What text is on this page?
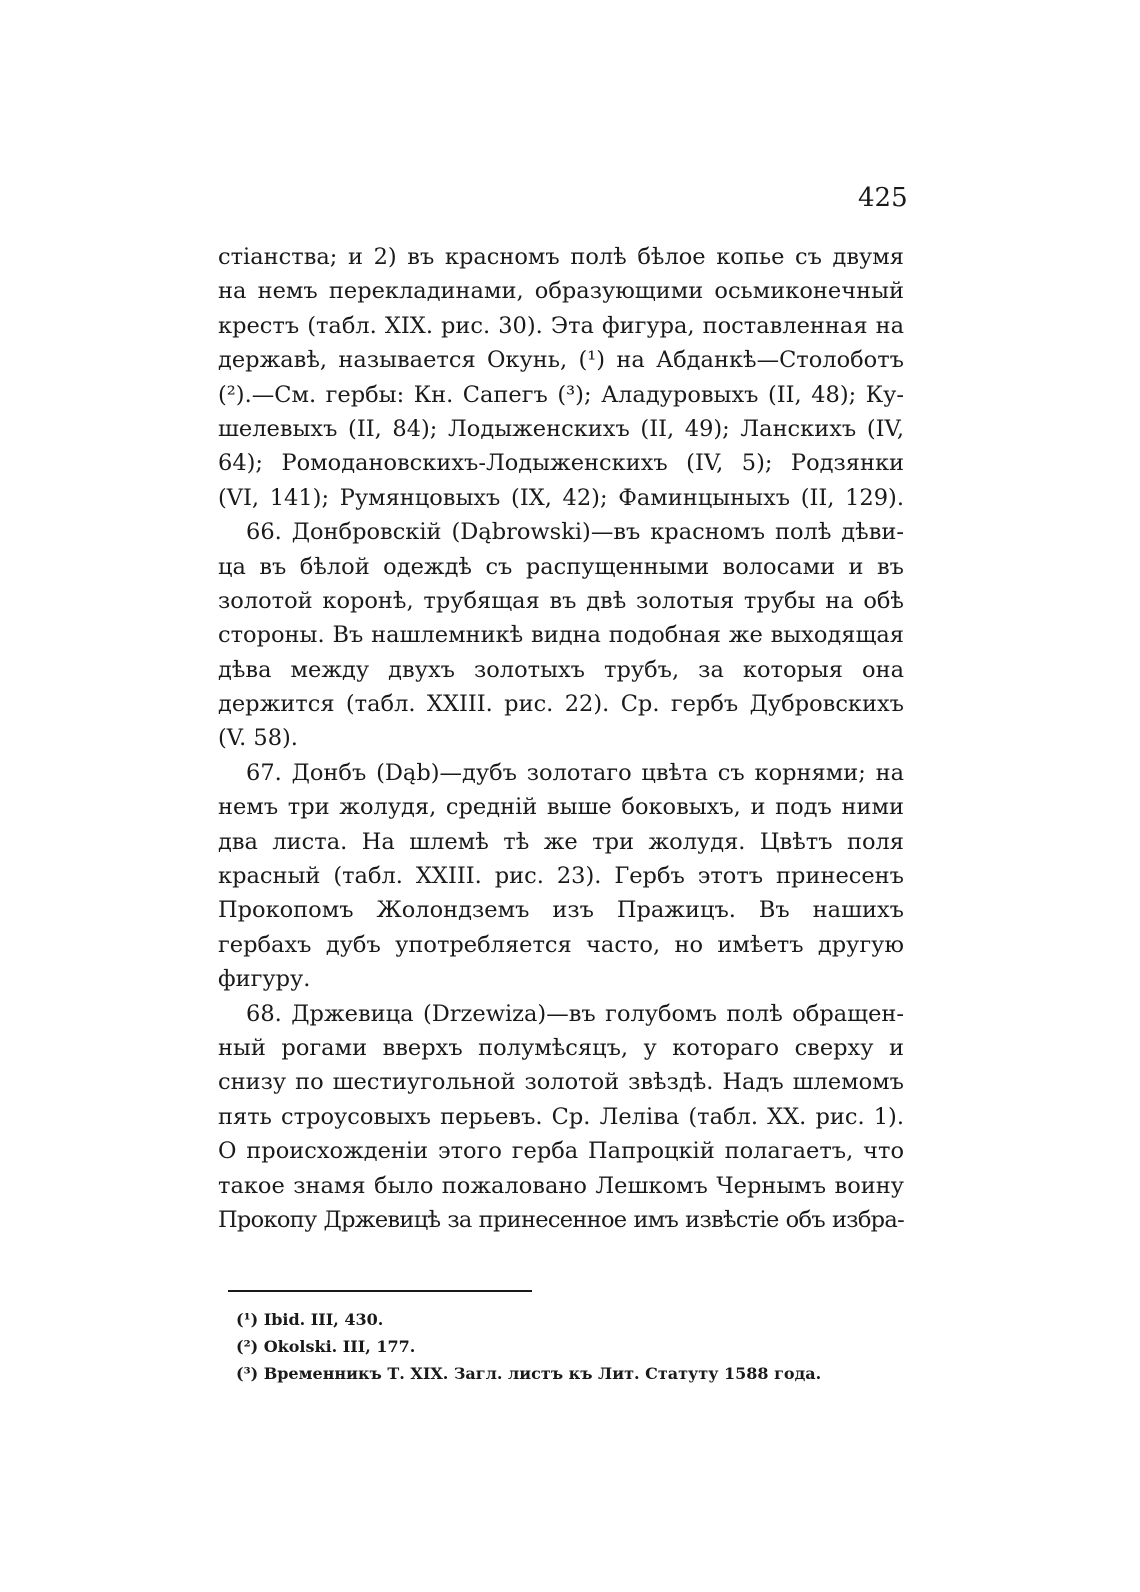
425
стіанства; и 2) въ красномъ полѣ бѣлое копье съ двумя
на немъ перекладинами, образующими осьмиконечный
крестъ (табл. XIX. рис. 30). Эта фигура, поставленная на
державѣ, называется Окунь, (¹) на Абданкѣ—Столоботъ
(²).—См. гербы: Кн. Сапегъ (³); Аладуровыхъ (II, 48); Ку-
шелевыхъ (II, 84); Лодыженскихъ (II, 49); Ланскихъ (IV,
64); Ромодановскихъ-Лодыженскихъ (IV, 5); Родзянки
(VI, 141); Румянцовыхъ (IX, 42); Фаминцыныхъ (II, 129).
66. Донбровскій (Dąbrowski)—въ красномъ полѣ дѣви-
ца въ бѣлой одеждѣ съ распущенными волосами и въ
золотой коронѣ, трубящая въ двѣ золотыя трубы на обѣ
стороны. Въ нашлемникѣ видна подобная же выходящая
дѣва между двухъ золотыхъ трубъ, за которыя она
держится (табл. XXIII. рис. 22). Ср. гербъ Дубровскихъ
(V. 58).
67. Донбъ (Dąb)—дубъ золотаго цвѣта съ корнями; на
немъ три жолудя, средній выше боковыхъ, и подъ ними
два листа. На шлемѣ тѣ же три жолудя. Цвѣтъ поля
красный (табл. XXIII. рис. 23). Гербъ этотъ принесенъ
Прокопомъ Жолондземъ изъ Пражицъ. Въ нашихъ
гербахъ дубъ употребляется часто, но имѣетъ другую
фигуру.
68. Држевица (Drzewiza)—въ голубомъ полѣ обращен-
ный рогами вверхъ полумѣсяцъ, у котораго сверху и
снизу по шестиугольной золотой звѣздѣ. Надъ шлемомъ
пять строусовыхъ перьевъ. Ср. Леліва (табл. XX. рис. 1).
О происхожденіи этого герба Папроцкій полагаетъ, что
такое знамя было пожаловано Лешкомъ Чернымъ воину
Прокопу Држевицѣ за принесенное имъ извѣстіе объ избра-
(¹) Ibid. III, 430.
(²) Okolski. III, 177.
(³) Временникъ Т. XIX. Загл. листъ къ Лит. Статуту 1588 года.
